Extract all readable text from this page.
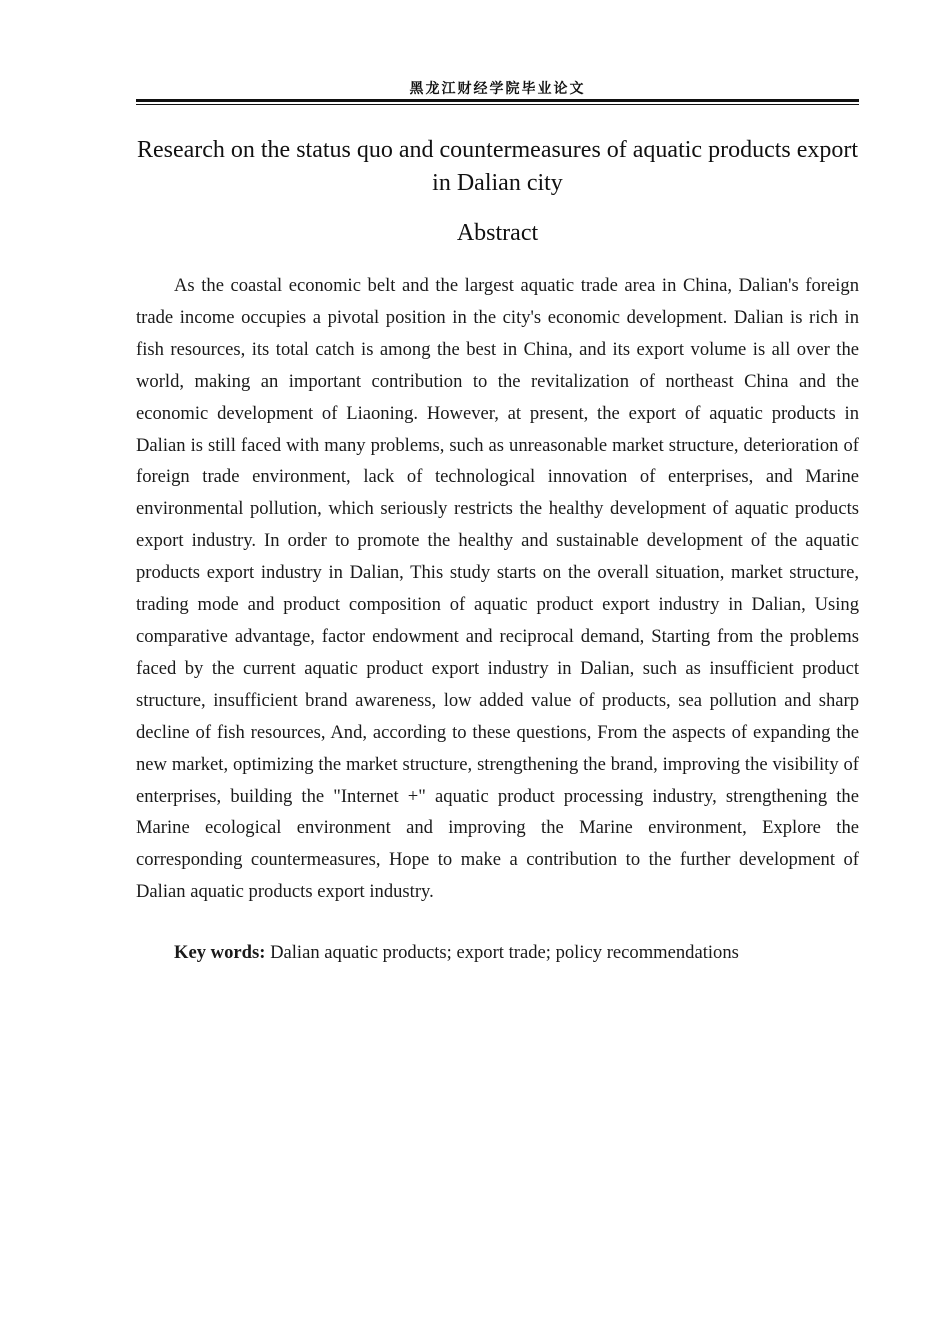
黑龙江财经学院毕业论文
Research on the status quo and countermeasures of aquatic products export in Dalian city
Abstract

As the coastal economic belt and the largest aquatic trade area in China, Dalian's foreign trade income occupies a pivotal position in the city's economic development. Dalian is rich in fish resources, its total catch is among the best in China, and its export volume is all over the world, making an important contribution to the revitalization of northeast China and the economic development of Liaoning. However, at present, the export of aquatic products in Dalian is still faced with many problems, such as unreasonable market structure, deterioration of foreign trade environment, lack of technological innovation of enterprises, and Marine environmental pollution, which seriously restricts the healthy development of aquatic products export industry. In order to promote the healthy and sustainable development of the aquatic products export industry in Dalian, This study starts on the overall situation, market structure, trading mode and product composition of aquatic product export industry in Dalian, Using comparative advantage, factor endowment and reciprocal demand, Starting from the problems faced by the current aquatic product export industry in Dalian, such as insufficient product structure, insufficient brand awareness, low added value of products, sea pollution and sharp decline of fish resources, And, according to these questions, From the aspects of expanding the new market, optimizing the market structure, strengthening the brand, improving the visibility of enterprises, building the "Internet +" aquatic product processing industry, strengthening the Marine ecological environment and improving the Marine environment, Explore the corresponding countermeasures, Hope to make a contribution to the further development of Dalian aquatic products export industry.

Key words: Dalian aquatic products; export trade; policy recommendations
